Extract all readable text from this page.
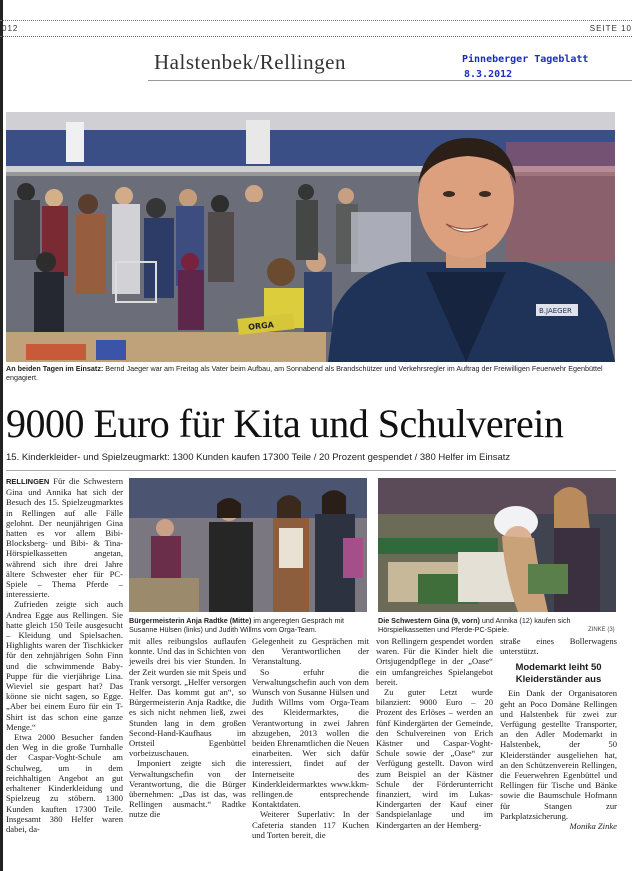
012	SEITE 10
Halstenbek/Rellingen	Pinneberger Tageblatt
8.3.2012
B.JAEGER
ORGA
An beiden Tagen im Einsatz: Bernd Jaeger war am Freitag als Vater beim Aufbau, am Sonnabend als Brandschützer und Verkehrsregler im Auftrag der Freiwilligen Feuerwehr Egenbüttel engagiert.
9000 Euro für Kita und Schulverein
15. Kinderkleider- und Spielzeugmarkt: 1300 Kunden kaufen 17300 Teile / 20 Prozent gespendet / 380 Helfer im Einsatz
Bürgermeisterin Anja Radtke (Mitte) im angeregten Gespräch mit Susanne Hülsen (links) und Judith Willms vom Orga-Team.
Die Schwestern Gina (9, vorn) und Annika (12) kaufen sich Hörspielkassetten und Pferde-PC-Spiele.	ZINKE (3)

RELLINGEN Für die Schwestern Gina und Annika hat sich der Besuch des 15. Spielzeugmarktes in Rellingen auf alle Fälle gelohnt. Der neunjährigen Gina hatten es vor allem Bibi-Blocksberg- und Bibi- & Tina-Hörspielkassetten angetan, während sich ihre drei Jahre ältere Schwester eher für PC-Spiele – Thema Pferde – interessierte.

Zufrieden zeigte sich auch Andrea Egge aus Rellingen. Sie hatte gleich 150 Teile ausgesucht – Kleidung und Spielsachen. Highlights waren der Tischkicker für den zehnjährigen Sohn Finn und die schwimmende Baby-Puppe für die vierjährige Lina. Wieviel sie gespart hat? Das könne sie nicht sagen, so Egge. „Aber bei einem Euro für ein T-Shirt ist das schon eine ganze Menge.“

Etwa 2000 Besucher fanden den Weg in die große Turnhalle der Caspar-Voght-Schule am Schulweg, um in dem reichhaltigen Angebot an gut erhaltener Kinderkleidung und Spielzeug zu stöbern. 1300 Kunden kauften 17300 Teile. Insgesamt 380 Helfer waren dabei, da-

mit alles reibungslos auflaufen konnte. Und das in Schichten von jeweils drei bis vier Stunden. In der Zeit wurden sie mit Speis und Trank versorgt. „Helfer versorgen Helfer. Das kommt gut an“, so Bürgermeisterin Anja Radtke, die es sich nicht nehmen ließ, zwei Stunden lang in dem großen Second-Hand-Kaufhaus im Ortsteil Egenbüttel vorbeizuschauen.

Imponiert zeigte sich die Verwaltungschefin von der Verantwortung, die die Bürger übernehmen: „Das ist das, was Rellingen ausmacht.“ Radtke nutze die

Gelegenheit zu Gesprächen mit den Verantwortlichen der Veranstaltung.

So erfuhr die Verwaltungschefin auch von dem Wunsch von Susanne Hülsen und Judith Willms vom Orga-Team des Kleidermarktes, die Verantwortung in zwei Jahren abzugeben, 2013 wollen die beiden Ehrenamtlichen die Neuen einarbeiten. Wer sich dafür interessiert, findet auf der Internetseite des Kinderkleidermarktes www.kkm-rellingen.de entsprechende Kontaktdaten.

Weiterer Superlativ: In der Cafeteria standen 117 Kuchen und Torten bereit, die

von Rellingern gespendet worden waren. Für die Kinder hielt die Ortsjugendpflege in der „Oase“ ein umfangreiches Spielangebot bereit.

Zu guter Letzt wurde bilanziert: 9000 Euro – 20 Prozent des Erlöses – werden an fünf Kindergärten der Gemeinde, den Schulvereinen von Erich Kästner und Caspar-Voght-Schule sowie der „Oase“ zur Verfügung gestellt. Davon wird zum Beispiel an der Kästner Schule der Förderunterricht finanziert, wird im Lukas-Kindergarten der Kauf einer Sandspielanlage und im Kindergarten an der Hemberg-

straße eines Bollerwagens unterstützt.

Modemarkt leiht 50 Kleiderständer aus

Ein Dank der Organisatoren geht an Poco Domäne Rellingen und Halstenbek für zwei zur Verfügung gestellte Transporter, an den Adler Modemarkt in Halstenbek, der 50 Kleiderständer ausgeliehen hat, an den Schützenverein Rellingen, die Feuerwehren Egenbüttel und Rellingen für Tische und Bänke sowie die Baumschule Hofmann für Stangen zur Parkplatzsicherung.

Monika Zinke
